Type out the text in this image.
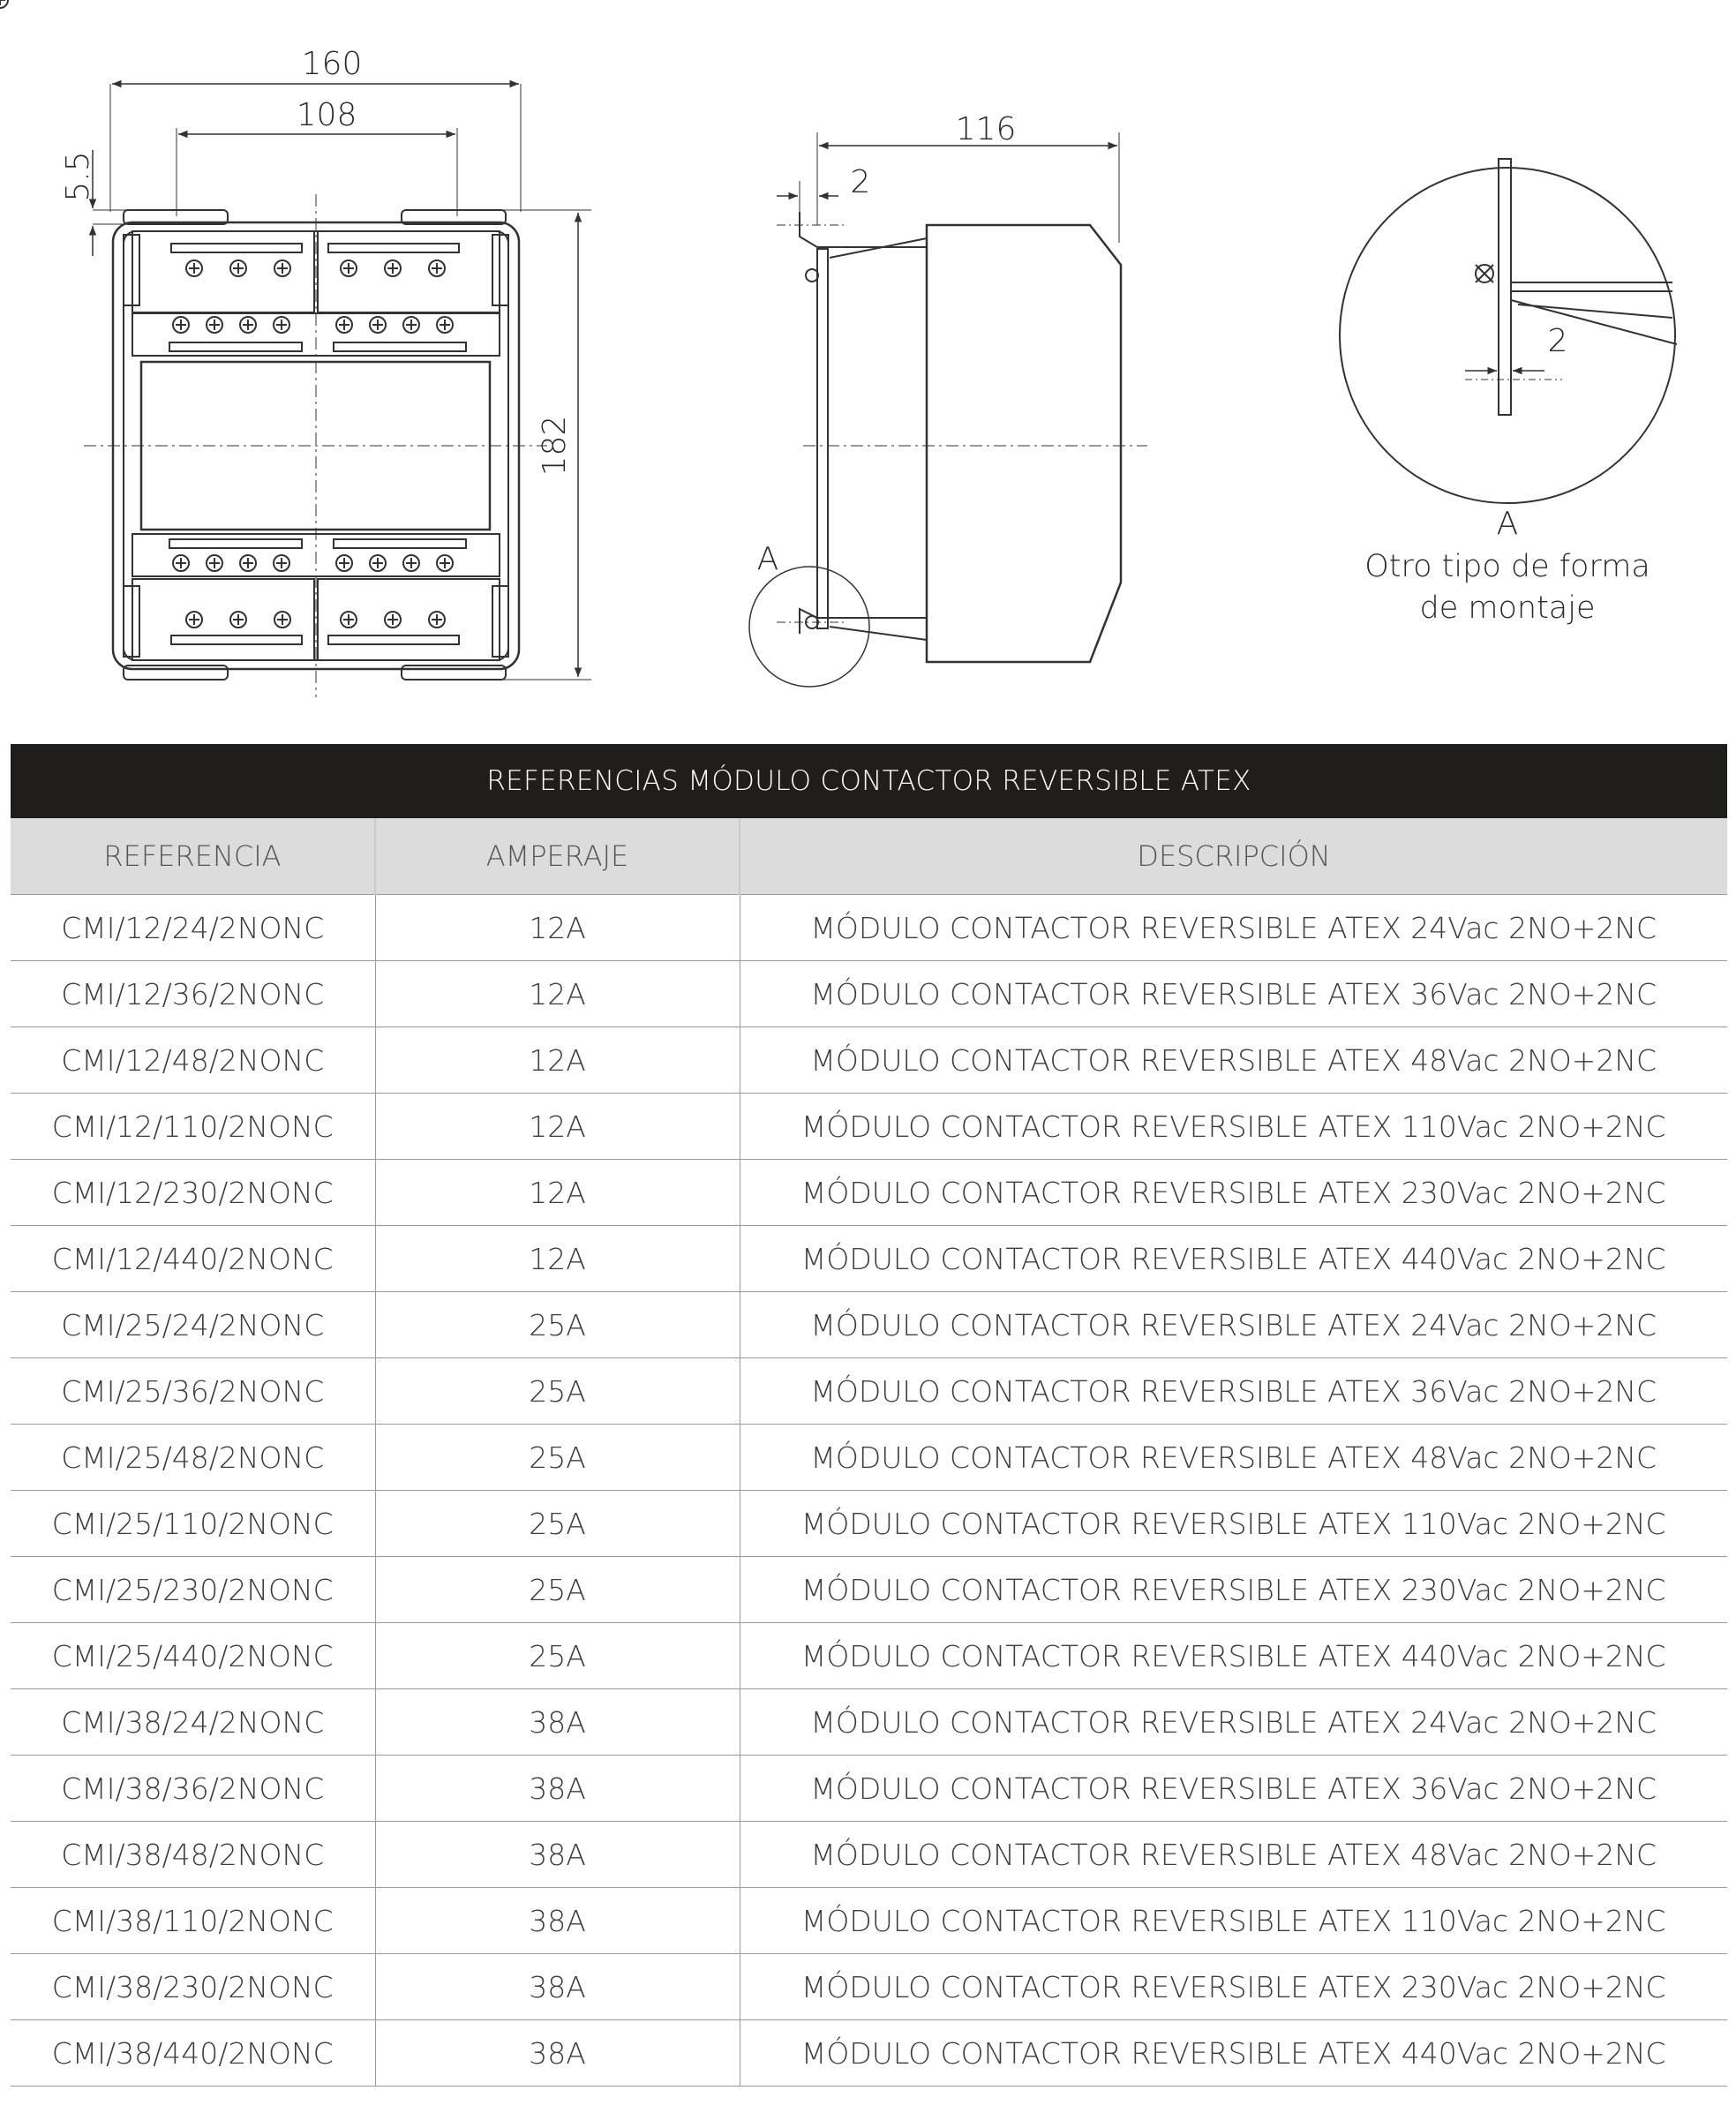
160
108
5.5
182
116
2
A
2
A
Otro tipo de forma
de montaje
REFERENCIAS MÓDULO CONTACTOR REVERSIBLE ATEX
REFERENCIA	AMPERAJE	DESCRIPCIÓN
CMI/12/24/2NONC	12A	MÓDULO CONTACTOR REVERSIBLE ATEX 24Vac 2NO+2NC
CMI/12/36/2NONC	12A	MÓDULO CONTACTOR REVERSIBLE ATEX 36Vac 2NO+2NC
CMI/12/48/2NONC	12A	MÓDULO CONTACTOR REVERSIBLE ATEX 48Vac 2NO+2NC
CMI/12/110/2NONC	12A	MÓDULO CONTACTOR REVERSIBLE ATEX 110Vac 2NO+2NC
CMI/12/230/2NONC	12A	MÓDULO CONTACTOR REVERSIBLE ATEX 230Vac 2NO+2NC
CMI/12/440/2NONC	12A	MÓDULO CONTACTOR REVERSIBLE ATEX 440Vac 2NO+2NC
CMI/25/24/2NONC	25A	MÓDULO CONTACTOR REVERSIBLE ATEX 24Vac 2NO+2NC
CMI/25/36/2NONC	25A	MÓDULO CONTACTOR REVERSIBLE ATEX 36Vac 2NO+2NC
CMI/25/48/2NONC	25A	MÓDULO CONTACTOR REVERSIBLE ATEX 48Vac 2NO+2NC
CMI/25/110/2NONC	25A	MÓDULO CONTACTOR REVERSIBLE ATEX 110Vac 2NO+2NC
CMI/25/230/2NONC	25A	MÓDULO CONTACTOR REVERSIBLE ATEX 230Vac 2NO+2NC
CMI/25/440/2NONC	25A	MÓDULO CONTACTOR REVERSIBLE ATEX 440Vac 2NO+2NC
CMI/38/24/2NONC	38A	MÓDULO CONTACTOR REVERSIBLE ATEX 24Vac 2NO+2NC
CMI/38/36/2NONC	38A	MÓDULO CONTACTOR REVERSIBLE ATEX 36Vac 2NO+2NC
CMI/38/48/2NONC	38A	MÓDULO CONTACTOR REVERSIBLE ATEX 48Vac 2NO+2NC
CMI/38/110/2NONC	38A	MÓDULO CONTACTOR REVERSIBLE ATEX 110Vac 2NO+2NC
CMI/38/230/2NONC	38A	MÓDULO CONTACTOR REVERSIBLE ATEX 230Vac 2NO+2NC
CMI/38/440/2NONC	38A	MÓDULO CONTACTOR REVERSIBLE ATEX 440Vac 2NO+2NC
